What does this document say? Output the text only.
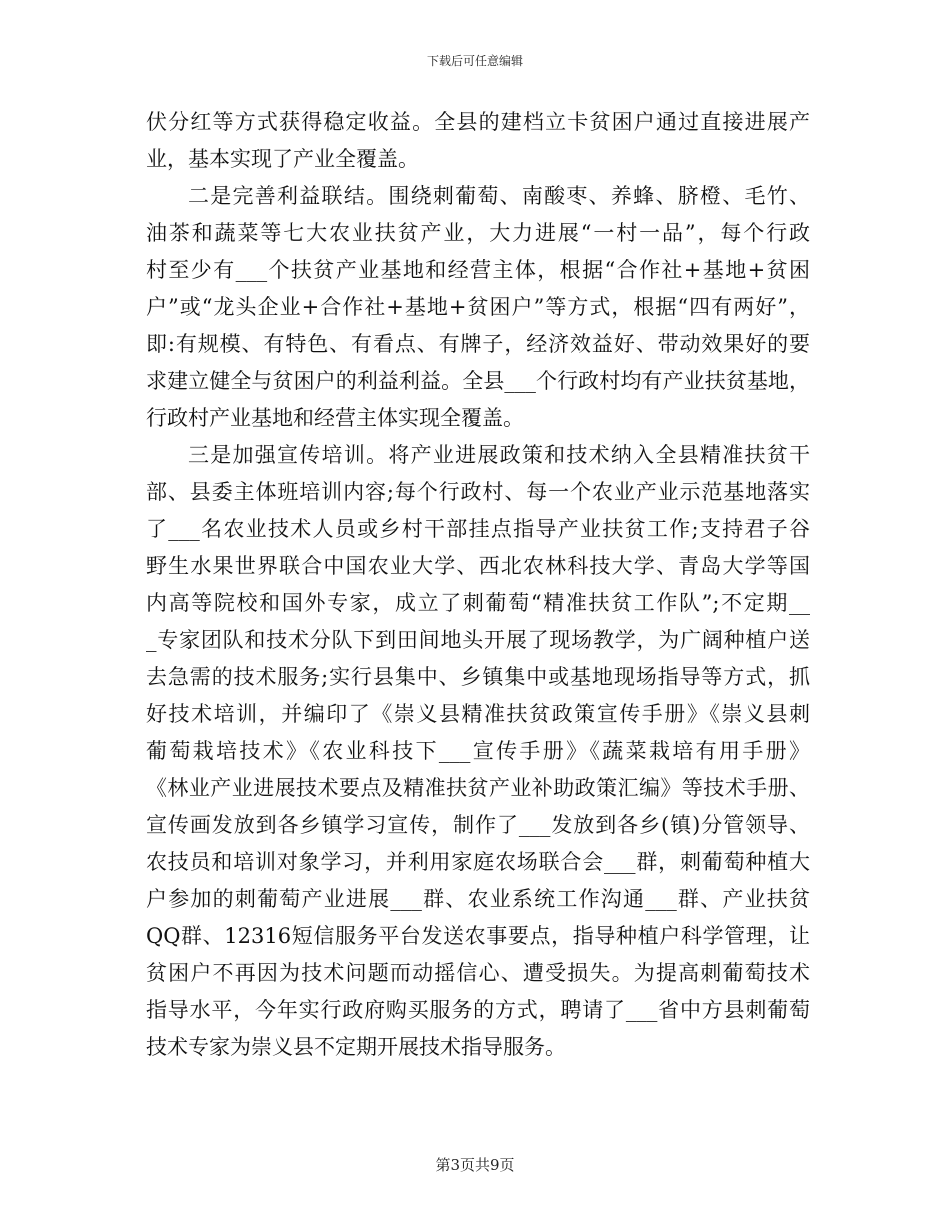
下载后可任意编辑
伏分红等方式获得稳定收益。全县的建档立卡贫困户通过直接进展产
业，基本实现了产业全覆盖。
二是完善利益联结。围绕刺葡萄、南酸枣、养蜂、脐橙、毛竹、
油茶和蔬菜等七大农业扶贫产业，大力进展“一村一品”，每个行政
村至少有___个扶贫产业基地和经营主体，根据“合作社+基地+贫困
户”或“龙头企业+合作社+基地+贫困户”等方式，根据“四有两好”，
即:有规模、有特色、有看点、有牌子，经济效益好、带动效果好的要
求建立健全与贫困户的利益利益。全县___个行政村均有产业扶贫基地，
行政村产业基地和经营主体实现全覆盖。
三是加强宣传培训。将产业进展政策和技术纳入全县精准扶贫干
部、县委主体班培训内容;每个行政村、每一个农业产业示范基地落实
了___名农业技术人员或乡村干部挂点指导产业扶贫工作;支持君子谷
野生水果世界联合中国农业大学、西北农林科技大学、青岛大学等国
内高等院校和国外专家，成立了刺葡萄“精准扶贫工作队”;不定期__
_专家团队和技术分队下到田间地头开展了现场教学，为广阔种植户送
去急需的技术服务;实行县集中、乡镇集中或基地现场指导等方式，抓
好技术培训，并编印了《崇义县精准扶贫政策宣传手册》《崇义县刺
葡萄栽培技术》《农业科技下___宣传手册》《蔬菜栽培有用手册》
《林业产业进展技术要点及精准扶贫产业补助政策汇编》等技术手册、
宣传画发放到各乡镇学习宣传，制作了___发放到各乡(镇)分管领导、
农技员和培训对象学习，并利用家庭农场联合会___群，刺葡萄种植大
户参加的刺葡萄产业进展___群、农业系统工作沟通___群、产业扶贫
QQ群、12316短信服务平台发送农事要点，指导种植户科学管理，让
贫困户不再因为技术问题而动摇信心、遭受损失。为提高刺葡萄技术
指导水平，今年实行政府购买服务的方式，聘请了___省中方县刺葡萄
技术专家为崇义县不定期开展技术指导服务。
第3页共9页
